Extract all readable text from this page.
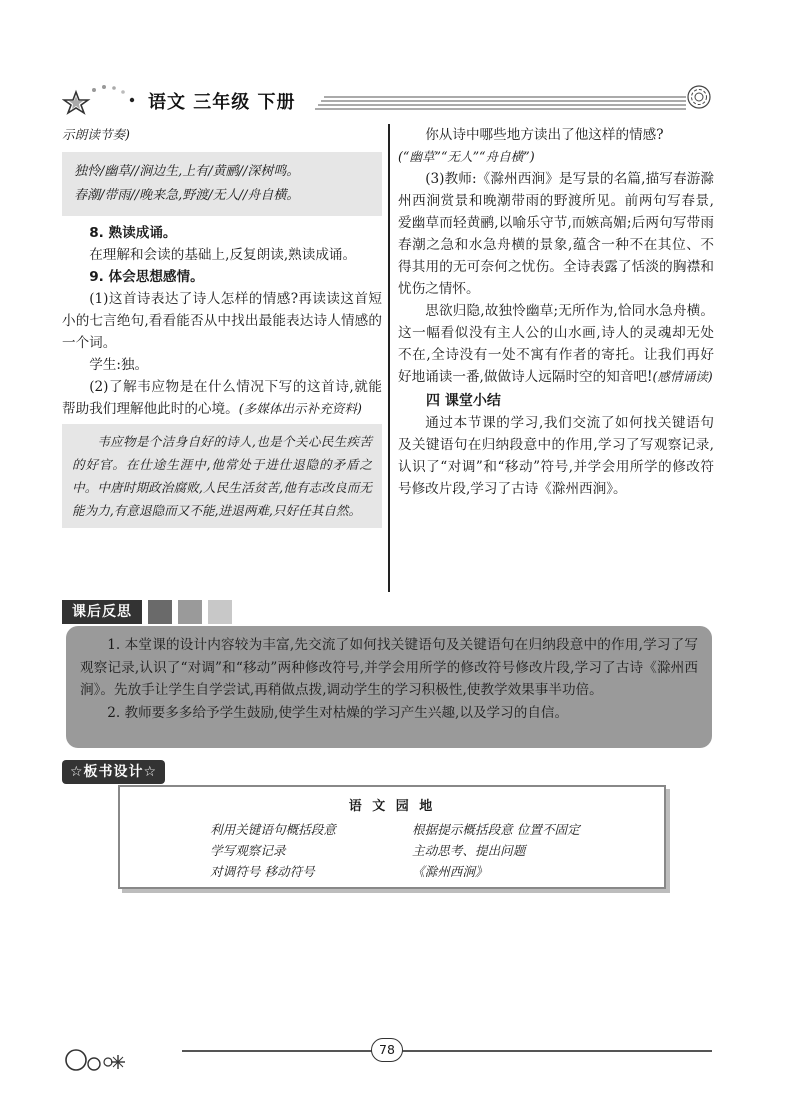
语文 三年级 下册
示朗读节奏)
独怜/幽草//涧边生,上有/黄鹂//深树鸣。
春潮/带雨//晚来急,野渡/无人//舟自横。
8. 熟读成诵。
在理解和会读的基础上,反复朗读,熟读成诵。
9. 体会思想感情。
(1)这首诗表达了诗人怎样的情感?再读读这首短小的七言绝句,看看能否从中找出最能表达诗人情感的一个词。
学生:独。
(2)了解韦应物是在什么情况下写的这首诗,就能帮助我们理解他此时的心境。(多媒体出示补充资料)
韦应物是个洁身自好的诗人,也是个关心民生疾苦的好官。在仕途生涯中,他常处于进仕退隐的矛盾之中。中唐时期政治腐败,人民生活贫苦,他有志改良而无能为力,有意退隐而又不能,进退两难,只好任其自然。
你从诗中哪些地方读出了他这样的情感?
(“幽草”“无人”“舟自横”)
(3)教师:《滁州西涧》是写景的名篇,描写春游滁州西涧赏景和晚潮带雨的野渡所见。前两句写春景,爱幽草而轻黄鹂,以喻乐守节,而嫉高媚;后两句写带雨春潮之急和水急舟横的景象,蕴含一种不在其位、不得其用的无可奈何之忧伤。全诗表露了恬淡的胸襟和忧伤之情怀。
思欲归隐,故独怜幽草;无所作为,恰同水急舟横。这一幅看似没有主人公的山水画,诗人的灵魂却无处不在,全诗没有一处不寓有作者的寄托。让我们再好好地诵读一番,做做诗人远隔时空的知音吧!(感情诵读)
四 课堂小结
通过本节课的学习,我们交流了如何找关键语句及关键语句在归纳段意中的作用,学习了写观察记录,认识了“对调”和“移动”符号,并学会用所学的修改符号修改片段,学习了古诗《滁州西涧》。
课后反思
1. 本堂课的设计内容较为丰富,先交流了如何找关键语句及关键语句在归纳段意中的作用,学习了写观察记录,认识了“对调”和“移动”两种修改符号,并学会用所学的修改符号修改片段,学习了古诗《滁州西涧》。先放手让学生自学尝试,再稍做点拨,调动学生的学习积极性,使教学效果事半功倍。
2. 教师要多多给予学生鼓励,使学生对枯燥的学习产生兴趣,以及学习的自信。
☆板书设计☆
语 文 园 地
利用关键语句概括段意
学写观察记录
对调符号 移动符号
根据提示概括段意 位置不固定
主动思考、提出问题
《滁州西涧》
78
